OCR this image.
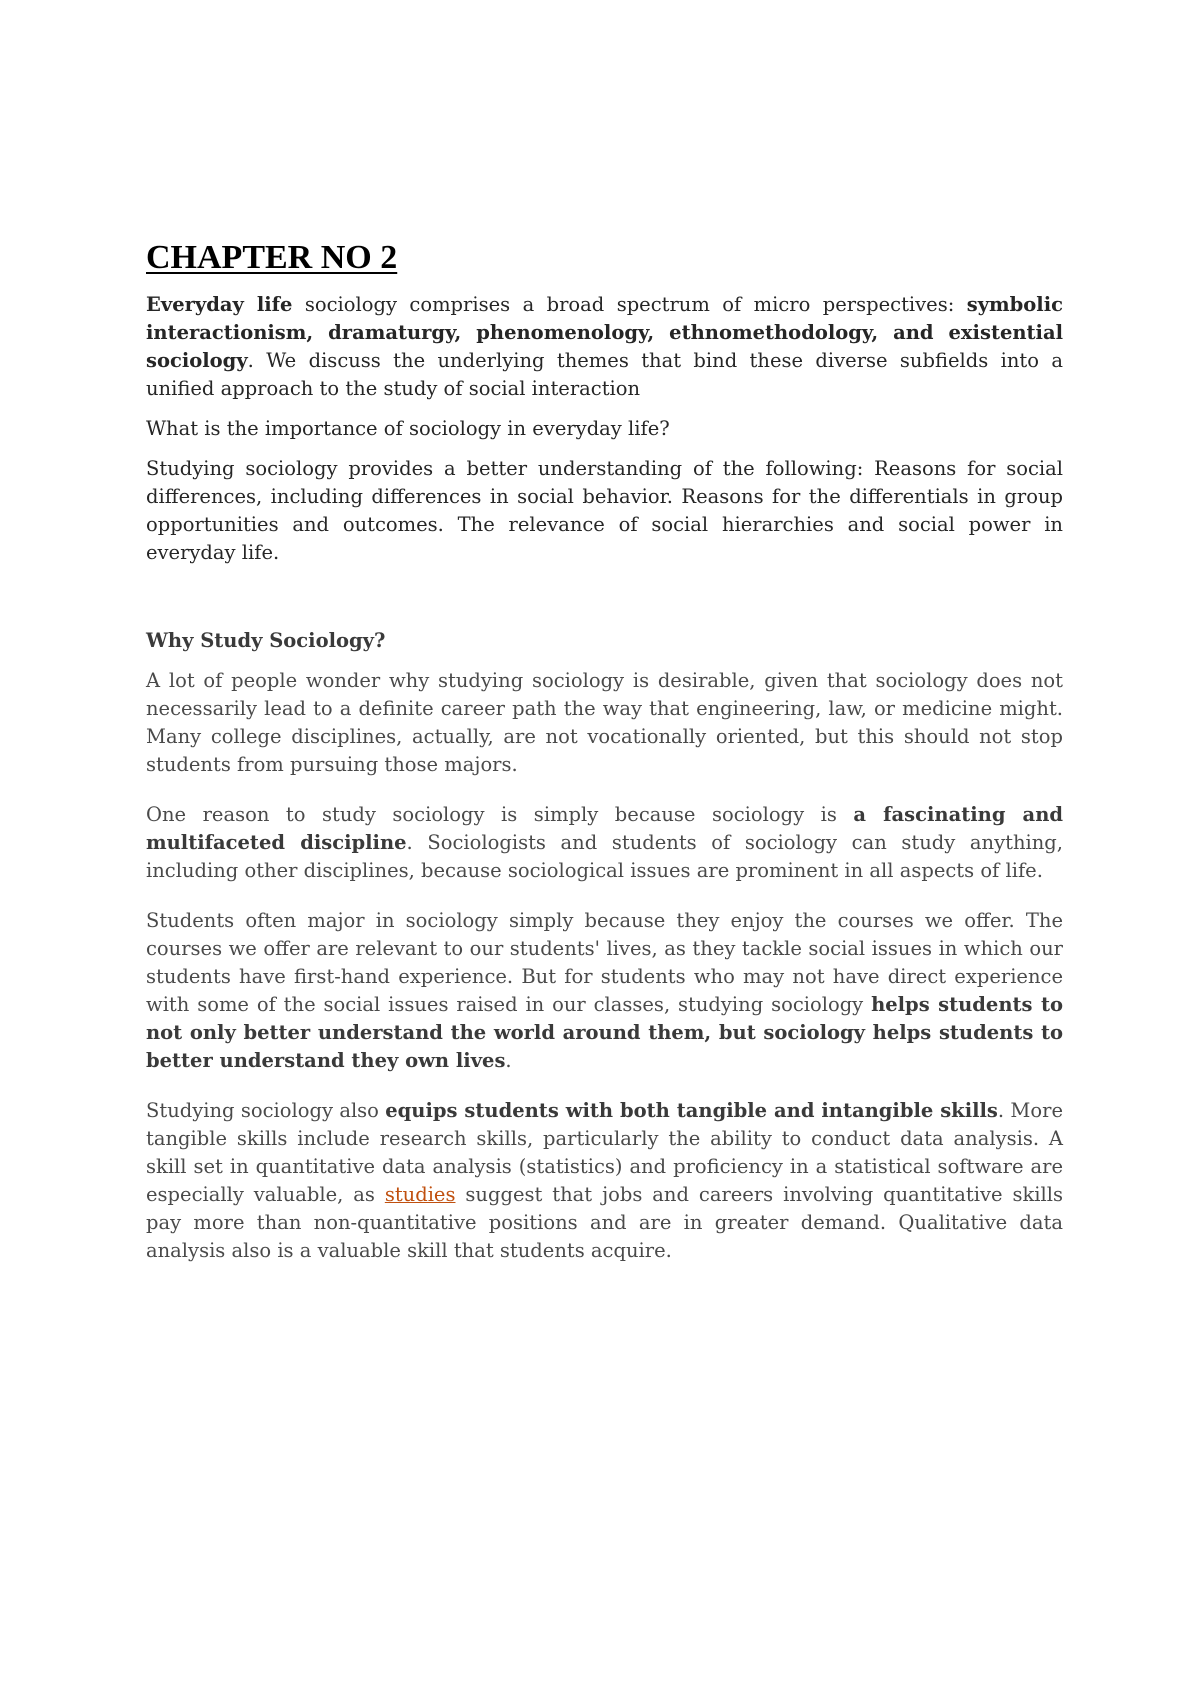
CHAPTER NO 2

Everyday life sociology comprises a broad spectrum of micro perspectives: symbolic interactionism, dramaturgy, phenomenology, ethnomethodology, and existential sociology. We discuss the underlying themes that bind these diverse subfields into a unified approach to the study of social interaction

What is the importance of sociology in everyday life?

Studying sociology provides a better understanding of the following: Reasons for social differences, including differences in social behavior. Reasons for the differentials in group opportunities and outcomes. The relevance of social hierarchies and social power in everyday life.

Why Study Sociology?

A lot of people wonder why studying sociology is desirable, given that sociology does not necessarily lead to a definite career path the way that engineering, law, or medicine might. Many college disciplines, actually, are not vocationally oriented, but this should not stop students from pursuing those majors.

One reason to study sociology is simply because sociology is a fascinating and multifaceted discipline. Sociologists and students of sociology can study anything, including other disciplines, because sociological issues are prominent in all aspects of life.

Students often major in sociology simply because they enjoy the courses we offer. The courses we offer are relevant to our students' lives, as they tackle social issues in which our students have first-hand experience. But for students who may not have direct experience with some of the social issues raised in our classes, studying sociology helps students to not only better understand the world around them, but sociology helps students to better understand they own lives.

Studying sociology also equips students with both tangible and intangible skills. More tangible skills include research skills, particularly the ability to conduct data analysis. A skill set in quantitative data analysis (statistics) and proficiency in a statistical software are especially valuable, as studies suggest that jobs and careers involving quantitative skills pay more than non-quantitative positions and are in greater demand. Qualitative data analysis also is a valuable skill that students acquire.
